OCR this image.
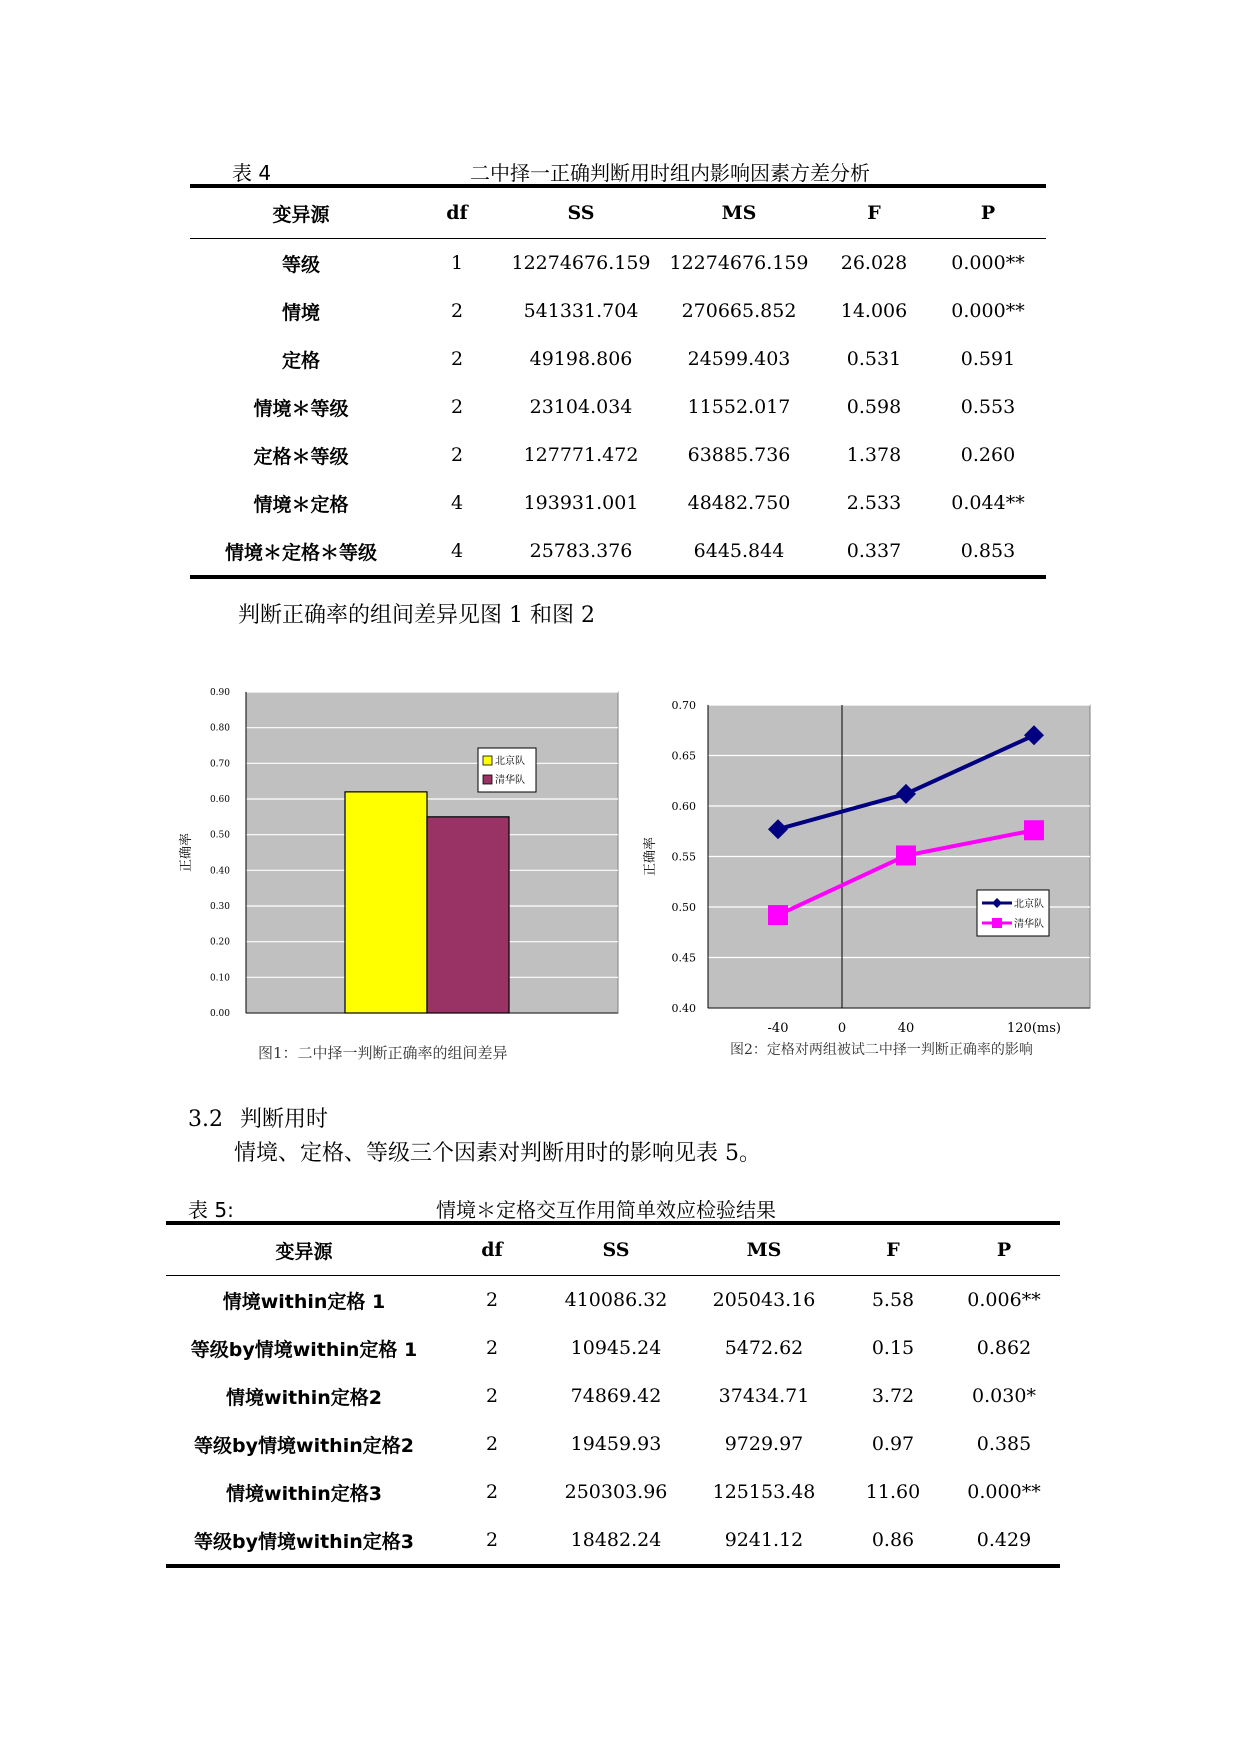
表 4	二中择一正确判断用时组内影响因素方差分析
变异源	df	SS	MS	F	P
等级	1	12274676.159	12274676.159	26.028	0.000**
情境	2	541331.704	270665.852	14.006	0.000**
定格	2	49198.806	24599.403	0.531	0.591
情境＊等级	2	23104.034	11552.017	0.598	0.553
定格＊等级	2	127771.472	63885.736	1.378	0.260
情境＊定格	4	193931.001	48482.750	2.533	0.044**
情境＊定格＊等级	4	25783.376	6445.844	0.337	0.853
判断正确率的组间差异见图 1 和图 2
0.00
0.10
0.20
0.30
0.40
0.50
0.60
0.70
0.80
0.90
北京队
清华队
正确率
图1：二中择一判断正确率的组间差异
0.40
0.45
0.50
0.55
0.60
0.65
0.70
-40	0	40	120(ms)
北京队
清华队
正确率
图2：定格对两组被试二中择一判断正确率的影响
3.2 判断用时
情境、定格、等级三个因素对判断用时的影响见表 5。
表 5:	情境＊定格交互作用简单效应检验结果
变异源	df	SS	MS	F	P
情境within定格 1	2	410086.32	205043.16	5.58	0.006**
等级by情境within定格 1	2	10945.24	5472.62	0.15	0.862
情境within定格2	2	74869.42	37434.71	3.72	0.030*
等级by情境within定格2	2	19459.93	9729.97	0.97	0.385
情境within定格3	2	250303.96	125153.48	11.60	0.000**
等级by情境within定格3	2	18482.24	9241.12	0.86	0.429
